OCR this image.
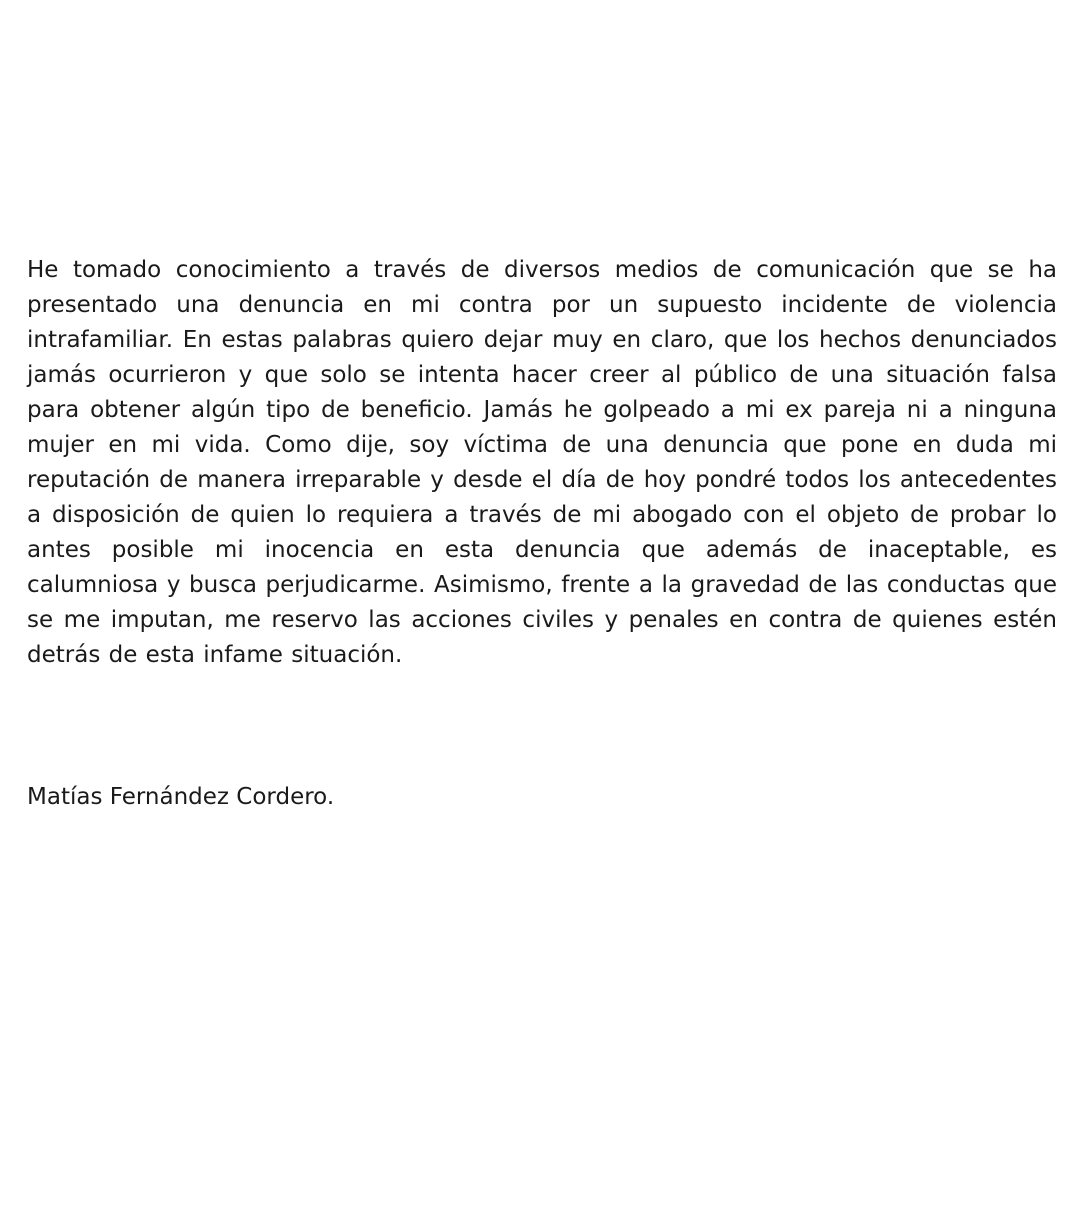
He tomado conocimiento a través de diversos medios de comunicación que se ha presentado una denuncia en mi contra por un supuesto incidente de violencia intrafamiliar. En estas palabras quiero dejar muy en claro, que los hechos denunciados jamás ocurrieron y que solo se intenta hacer creer al público de una situación falsa para obtener algún tipo de beneficio. Jamás he golpeado a mi ex pareja ni a ninguna mujer en mi vida. Como dije, soy víctima de una denuncia que pone en duda mi reputación de manera irreparable y desde el día de hoy pondré todos los antecedentes a disposición de quien lo requiera a través de mi abogado con el objeto de probar lo antes posible mi inocencia en esta denuncia que además de inaceptable, es calumniosa y busca perjudicarme. Asimismo, frente a la gravedad de las conductas que se me imputan, me reservo las acciones civiles y penales en contra de quienes estén detrás de esta infame situación.

Matías Fernández Cordero.
